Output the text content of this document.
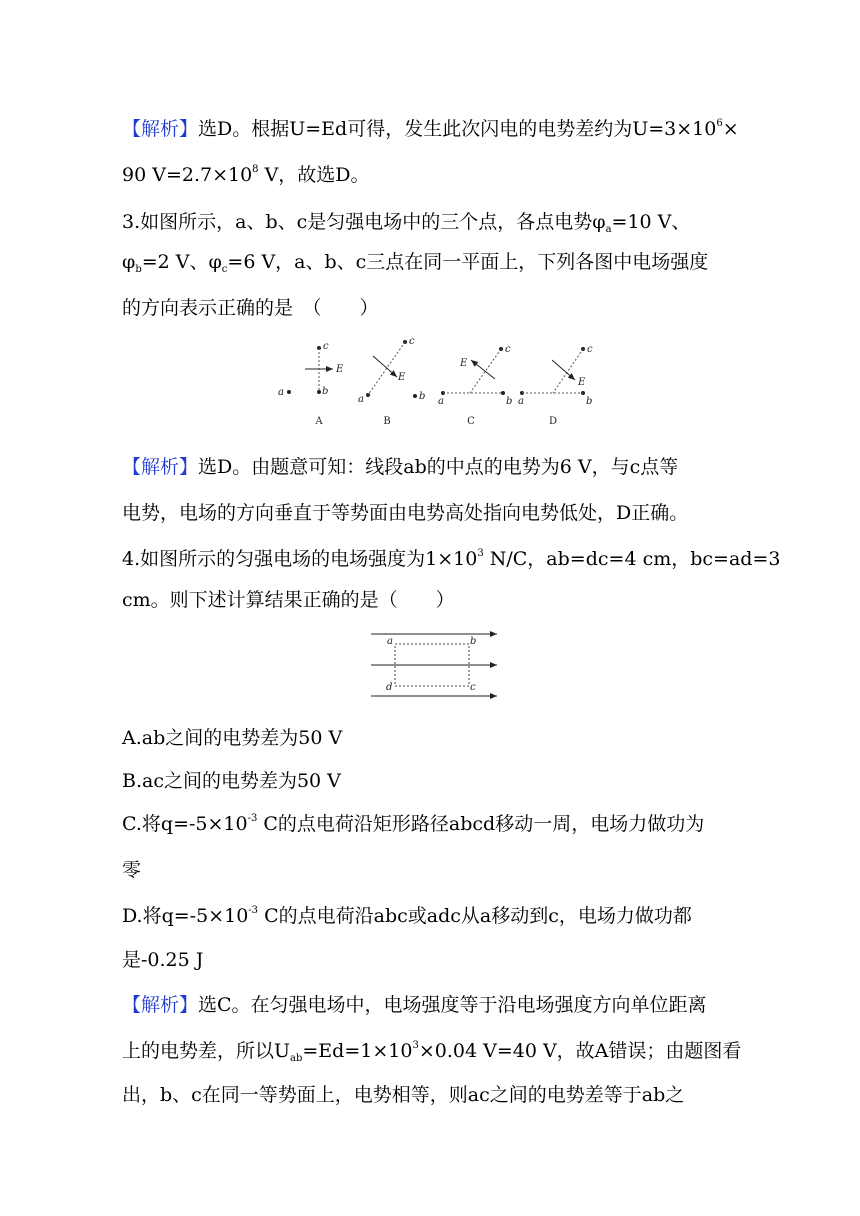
【解析】选D。根据U=Ed可得，发生此次闪电的电势差约为$U=3\times 10^6\times$
90 $V=2.7\times 10^8$ V，故选D。
3.如图所示，a、b、c是匀强电场中的三个点，各点电势$\varphi_a=10$ V、
$\varphi_b=2$ V、$\varphi_c=6$ V，a、b、c三点在同一平面上，下列各图中电场强度
的方向表示正确的是　（　　）
c
E
b
a
A
c
E
a	b
B
c
E
a	b
C
c
E
a	b
D
【解析】选D。由题意可知：线段ab的中点的电势为6 V，与c点等
电势，电场的方向垂直于等势面由电势高处指向电势低处，D正确。
4.如图所示的匀强电场的电场强度为$1\times 10^3$ N/C，ab=dc=4 cm，bc=ad=3
cm。则下述计算结果正确的是（　　）
a	b
d	c
A.ab之间的电势差为50 V
B.ac之间的电势差为50 V
C.将$q=-5\times 10^{-3}$ C的点电荷沿矩形路径abcd移动一周，电场力做功为
零
D.将$q=-5\times 10^{-3}$ C的点电荷沿abc或adc从a移动到c，电场力做功都
是-0.25 J
【解析】选C。在匀强电场中，电场强度等于沿电场强度方向单位距离
上的电势差，所以$U_{ab}=Ed=1\times 10^3\times 0.04$ V=40 V，故A错误；由题图看
出，b、c在同一等势面上，电势相等，则ac之间的电势差等于ab之
